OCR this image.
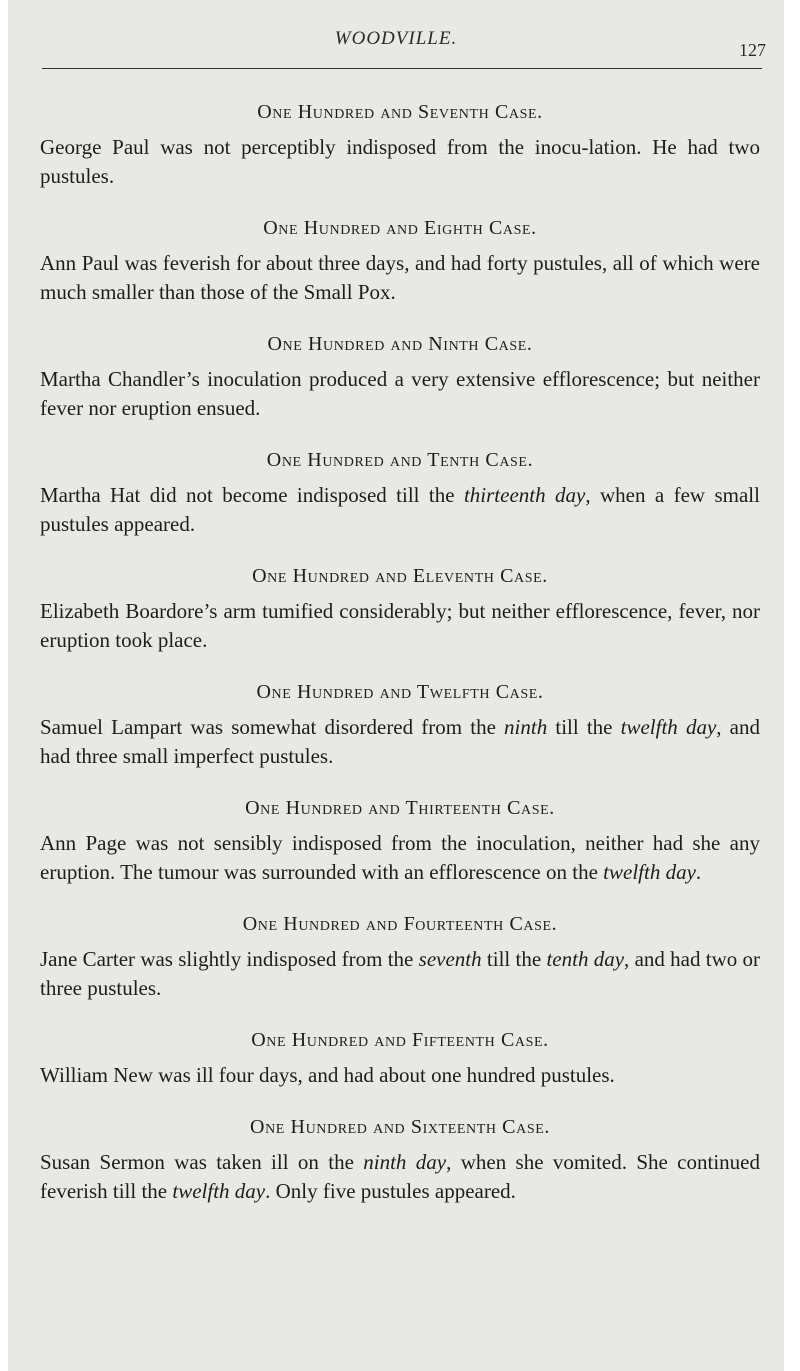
WOODVILLE.
127
One Hundred and Seventh Case.

George Paul was not perceptibly indisposed from the inocu-lation. He had two pustules.

One Hundred and Eighth Case.

Ann Paul was feverish for about three days, and had forty pustules, all of which were much smaller than those of the Small Pox.

One Hundred and Ninth Case.

Martha Chandler’s inoculation produced a very extensive efflorescence; but neither fever nor eruption ensued.

One Hundred and Tenth Case.

Martha Hat did not become indisposed till the thirteenth day, when a few small pustules appeared.

One Hundred and Eleventh Case.

Elizabeth Boardore’s arm tumified considerably; but neither efflorescence, fever, nor eruption took place.

One Hundred and Twelfth Case.

Samuel Lampart was somewhat disordered from the ninth till the twelfth day, and had three small imperfect pustules.

One Hundred and Thirteenth Case.

Ann Page was not sensibly indisposed from the inoculation, neither had she any eruption. The tumour was surrounded with an efflorescence on the twelfth day.

One Hundred and Fourteenth Case.

Jane Carter was slightly indisposed from the seventh till the tenth day, and had two or three pustules.

One Hundred and Fifteenth Case.

William New was ill four days, and had about one hundred pustules.

One Hundred and Sixteenth Case.

Susan Sermon was taken ill on the ninth day, when she vomited. She continued feverish till the twelfth day. Only five pustules appeared.
